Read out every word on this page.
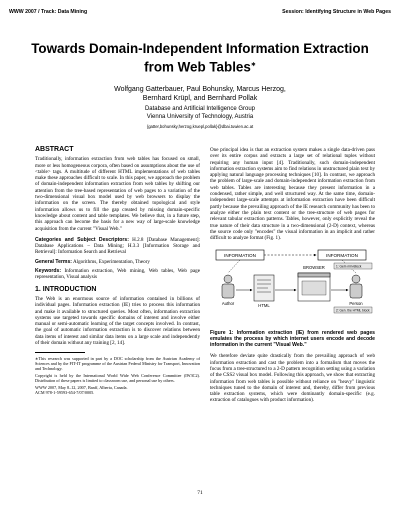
WWW 2007 / Track: Data Mining	Session: Identifying Structure in Web Pages
Towards Domain-Independent Information Extraction
from Web Tables∗
Wolfgang Gatterbauer, Paul Bohunsky, Marcus Herzog,
Bernhard Krüpl, and Bernhard Pollak
Database and Artificial Intelligence Group
Vienna University of Technology, Austria
{gatter,bohunsky,herzog,kruepl,pollak}@dbai.tuwien.ac.at
ABSTRACT

Traditionally, information extraction from web tables has focused on small, more or less homogeneous corpora, often based on assumptions about the use of <table> tags. A multitude of different HTML implementations of web tables make these approaches difficult to scale. In this paper, we approach the problem of domain-independent information extraction from web tables by shifting our attention from the tree-based representation of web pages to a variation of the two-dimensional visual box model used by web browsers to display the information on the screen. The thereby obtained topological and style information allows us to fill the gap created by missing domain-specific knowledge about content and table templates. We believe that, in a future step, this approach can become the basis for a new way of large-scale knowledge acquisition from the current "Visual Web."

Categories and Subject Descriptors: H.2.8 [Database Management]: Database Applications – Data Mining; H.3.3 [Information Storage and Retrieval]: Information Search and Retrieval

General Terms: Algorithms, Experimentation, Theory

Keywords: Information extraction, Web mining, Web tables, Web page representation, Visual analysis

1. INTRODUCTION

The Web is an enormous source of information contained in billions of individual pages. Information extraction (IE) tries to process this information and make it available to structured queries. Most often, information extraction systems use targeted towards specific domains of interest and involve either manual or semi-automatic learning of the target concepts involved. In contrast, the goal of automatic information extraction is to discover relations between data items of interest and similar data items on a large scale and independently of their domain without any training [2, 14].

∗This research was supported in part by a DOC scholarship from the Austrian Academy of Sciences and by the FIT-IT programme of the Austrian Federal Ministry for Transport, Innovation and Technology.

Copyright is held by the International World Wide Web Conference Committee (IW3C2). Distribution of these papers is limited to classroom use, and personal use by others.

WWW 2007, May 8–12, 2007, Banff, Alberta, Canada.

ACM 978-1-59593-654-7/07/0005.

One principal idea is that an extraction system makes a single data-driven pass over its entire corpus and extracts a large set of relational tuples without requiring any human input [4]. Traditionally, such domain-independent information extraction systems aim to find relations in unstructured plain text by applying natural language processing techniques [10]. In contrast, we approach the problem of large-scale and domain-independent information extraction from web tables. Tables are interesting because they present information in a condensed, rather simple, and well structured way. At the same time, domain-independent large-scale attempts at information extraction have been difficult partly because the prevailing approach of the IE research community has been to analyze either the plain text content or the tree-structure of web pages for relevant tabular extraction patterns. Tables, however, only explicitly reveal the true nature of their data structure in a two-dimensional (2-D) context, whereas the source code only "encodes" the visual information in an implicit and rather difficult to analyze format (Fig. 1).

INFORMATION	INFORMATION
Author	HTML
BROWSER
Person
1: Gem min-Block
2: Gen. the HTML block
Figure 1: Information extraction (IE) from rendered web pages emulates the process by which internet users encode and decode information in the current "Visual Web."

We therefore deviate quite drastically from the prevailing approach of web information extraction and cast the problem into a formalism that moves the focus from a tree-structured to a 2-D pattern recognition setting using a variation of the CSS2 visual box model. Following this approach, we show that extracting information from web tables is possible without reliance on "heavy" linguistic techniques tuned to the domain of interest and, thereby, differ from previous table extraction systems, which were dominantly domain-specific (e.g. extraction of catalogues with product information).

71
